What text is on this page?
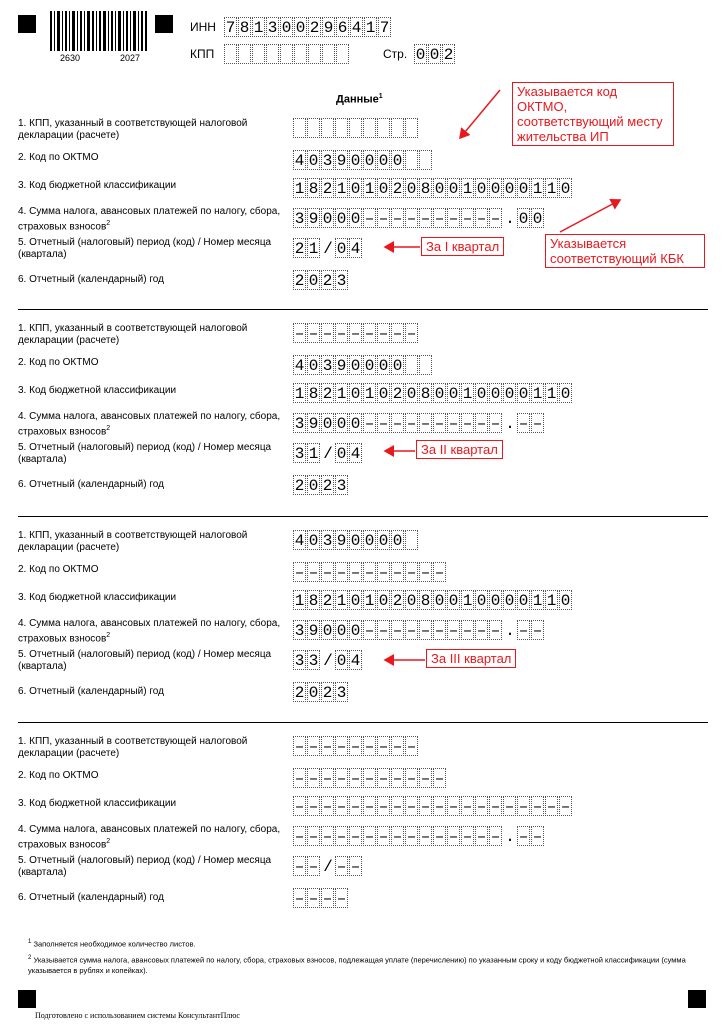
2630	2027
ИНН 7 8 1 3 0 0 2 9 6 4 1 7
КПП	Стр. 0 0 2
Данные$^1$
1. КПП, указанный в соответствующей налоговой декларации (расчете)
2. Код по ОКТМО
3. Код бюджетной классификации
4. Сумма налога, авансовых платежей по налогу, сбора, страховых взносов$^2$
5. Отчетный (налоговый) период (код) / Номер месяца (квартала)
6. Отчетный (календарный) год
4 0 3 9 0 0 0 0
1 8 2 1 0 1 0 2 0 8 0 0 1 0 0 0 0 1 1 0
3 9 0 0 0 – – – – – – – – – – . 0 0
2 1 / 0 4
2 0 2 3
1. КПП, указанный в соответствующей налоговой декларации (расчете)
2. Код по ОКТМО
3. Код бюджетной классификации
4. Сумма налога, авансовых платежей по налогу, сбора, страховых взносов$^2$
5. Отчетный (налоговый) период (код) / Номер месяца (квартала)
6. Отчетный (календарный) год
– – – – – – – – –
4 0 3 9 0 0 0 0
1 8 2 1 0 1 0 2 0 8 0 0 1 0 0 0 0 1 1 0
3 9 0 0 0 – – – – – – – – – – . – –
3 1 / 0 4
2 0 2 3
1. КПП, указанный в соответствующей налоговой декларации (расчете)
2. Код по ОКТМО
3. Код бюджетной классификации
4. Сумма налога, авансовых платежей по налогу, сбора, страховых взносов$^2$
5. Отчетный (налоговый) период (код) / Номер месяца (квартала)
6. Отчетный (календарный) год
4 0 3 9 0 0 0 0
– – – – – – – – – – –
1 8 2 1 0 1 0 2 0 8 0 0 1 0 0 0 0 1 1 0
3 9 0 0 0 – – – – – – – – – – . – –
3 3 / 0 4
2 0 2 3
1. КПП, указанный в соответствующей налоговой декларации (расчете)
2. Код по ОКТМО
3. Код бюджетной классификации
4. Сумма налога, авансовых платежей по налогу, сбора, страховых взносов$^2$
5. Отчетный (налоговый) период (код) / Номер месяца (квартала)
6. Отчетный (календарный) год
– – – – – – – – –
– – – – – – – – – – –
– – – – – – – – – – – – – – – – – – – –
– – – – – – – – – – – – – – – . – –
– – / – –
– – – –
Указывается код ОКТМО, соответствующий месту жительства ИП
Указывается соответствующий КБК
За I квартал
За II квартал
За III квартал
$^1$ Заполняется необходимое количество листов.
$^2$ Указывается сумма налога, авансовых платежей по налогу, сбора, страховых взносов, подлежащая уплате (перечислению) по указанным сроку и коду бюджетной классификации (сумма указывается в рублях и копейках).
Подготовлено с использованием системы КонсультантПлюс
